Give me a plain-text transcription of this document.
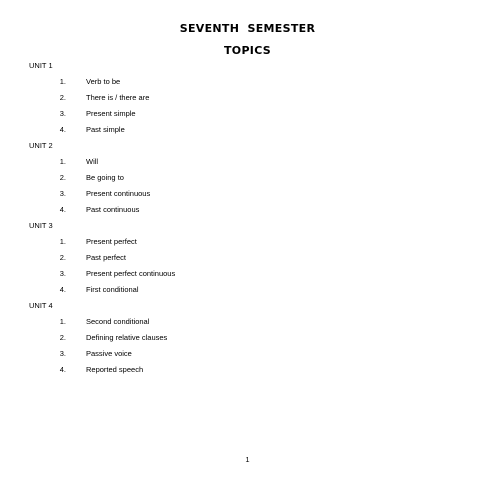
SEVENTH  SEMESTER
TOPICS
UNIT 1
1.	Verb to be
2.	There is / there are
3.	Present simple
4.	Past simple
UNIT 2
1.	Will
2.	Be going to
3.	Present continuous
4.	Past continuous
UNIT 3
1.	Present perfect
2.	Past perfect
3.	Present perfect continuous
4.	First conditional
UNIT 4
1.	Second conditional
2.	Defining relative clauses
3.	Passive voice
4.	Reported speech
1
